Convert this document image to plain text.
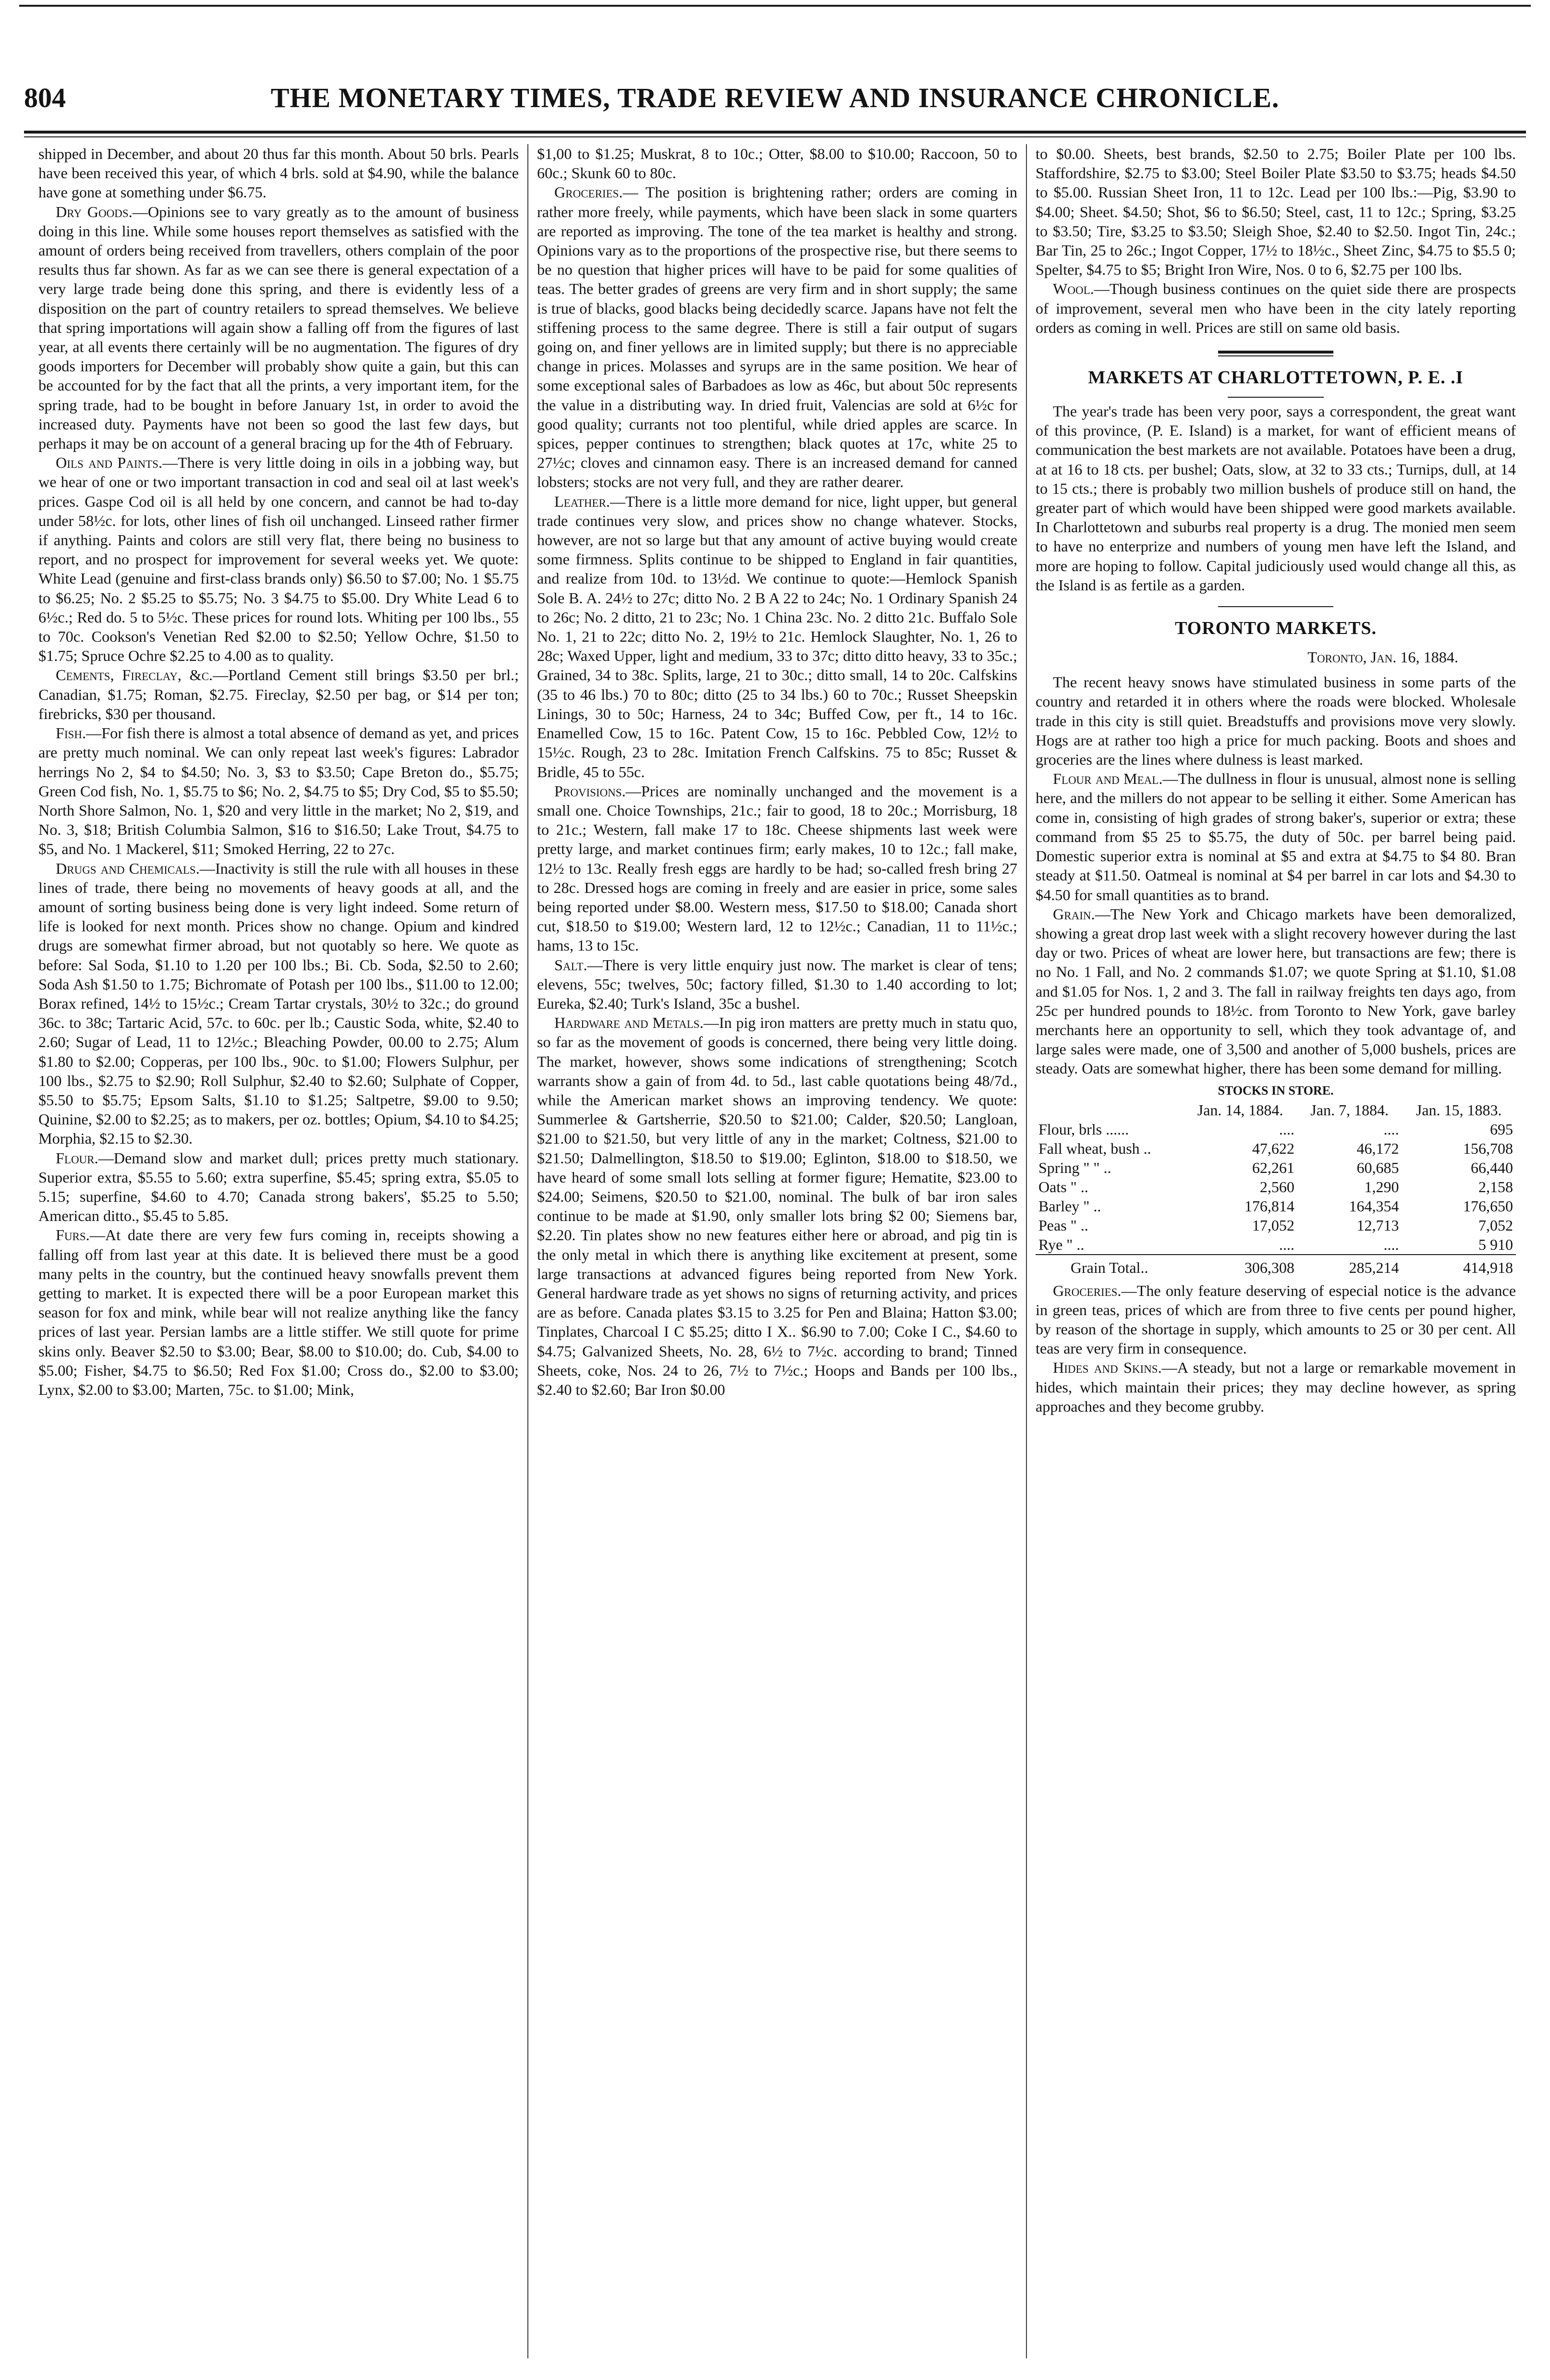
804	THE MONETARY TIMES, TRADE REVIEW AND INSURANCE CHRONICLE.

shipped in December, and about 20 thus far this month. About 50 brls. Pearls have been received this year, of which 4 brls. sold at $4.90, while the balance have gone at something under $6.75.

Dry Goods.—Opinions see to vary greatly as to the amount of business doing in this line. While some houses report themselves as satisfied with the amount of orders being received from travellers, others complain of the poor results thus far shown. As far as we can see there is general expectation of a very large trade being done this spring, and there is evidently less of a disposition on the part of country retailers to spread themselves. We believe that spring importations will again show a falling off from the figures of last year, at all events there certainly will be no augmentation. The figures of dry goods importers for December will probably show quite a gain, but this can be accounted for by the fact that all the prints, a very important item, for the spring trade, had to be bought in before January 1st, in order to avoid the increased duty. Payments have not been so good the last few days, but perhaps it may be on account of a general bracing up for the 4th of February.

Oils and Paints.—There is very little doing in oils in a jobbing way, but we hear of one or two important transaction in cod and seal oil at last week's prices. Gaspe Cod oil is all held by one concern, and cannot be had to-day under 58½c. for lots, other lines of fish oil unchanged. Linseed rather firmer if anything. Paints and colors are still very flat, there being no business to report, and no prospect for improvement for several weeks yet. We quote: White Lead (genuine and first-class brands only) $6.50 to $7.00; No. 1 $5.75 to $6.25; No. 2 $5.25 to $5.75; No. 3 $4.75 to $5.00. Dry White Lead 6 to 6½c.; Red do. 5 to 5½c. These prices for round lots. Whiting per 100 lbs., 55 to 70c. Cookson's Venetian Red $2.00 to $2.50; Yellow Ochre, $1.50 to $1.75; Spruce Ochre $2.25 to 4.00 as to quality.

Cements, Fireclay, &c.—Portland Cement still brings $3.50 per brl.; Canadian, $1.75; Roman, $2.75. Fireclay, $2.50 per bag, or $14 per ton; firebricks, $30 per thousand.

Fish.—For fish there is almost a total absence of demand as yet, and prices are pretty much nominal. We can only repeat last week's figures: Labrador herrings No 2, $4 to $4.50; No. 3, $3 to $3.50; Cape Breton do., $5.75; Green Cod fish, No. 1, $5.75 to $6; No. 2, $4.75 to $5; Dry Cod, $5 to $5.50; North Shore Salmon, No. 1, $20 and very little in the market; No 2, $19, and No. 3, $18; British Columbia Salmon, $16 to $16.50; Lake Trout, $4.75 to $5, and No. 1 Mackerel, $11; Smoked Herring, 22 to 27c.

Drugs and Chemicals.—Inactivity is still the rule with all houses in these lines of trade, there being no movements of heavy goods at all, and the amount of sorting business being done is very light indeed. Some return of life is looked for next month. Prices show no change. Opium and kindred drugs are somewhat firmer abroad, but not quotably so here. We quote as before: Sal Soda, $1.10 to 1.20 per 100 lbs.; Bi. Cb. Soda, $2.50 to 2.60; Soda Ash $1.50 to 1.75; Bichromate of Potash per 100 lbs., $11.00 to 12.00; Borax refined, 14½ to 15½c.; Cream Tartar crystals, 30½ to 32c.; do ground 36c. to 38c; Tartaric Acid, 57c. to 60c. per lb.; Caustic Soda, white, $2.40 to 2.60; Sugar of Lead, 11 to 12½c.; Bleaching Powder, 00.00 to 2.75; Alum $1.80 to $2.00; Copperas, per 100 lbs., 90c. to $1.00; Flowers Sulphur, per 100 lbs., $2.75 to $2.90; Roll Sulphur, $2.40 to $2.60; Sulphate of Copper, $5.50 to $5.75; Epsom Salts, $1.10 to $1.25; Saltpetre, $9.00 to 9.50; Quinine, $2.00 to $2.25; as to makers, per oz. bottles; Opium, $4.10 to $4.25; Morphia, $2.15 to $2.30.

Flour.—Demand slow and market dull; prices pretty much stationary. Superior extra, $5.55 to 5.60; extra superfine, $5.45; spring extra, $5.05 to 5.15; superfine, $4.60 to 4.70; Canada strong bakers', $5.25 to 5.50; American ditto., $5.45 to 5.85.

Furs.—At date there are very few furs coming in, receipts showing a falling off from last year at this date. It is believed there must be a good many pelts in the country, but the continued heavy snowfalls prevent them getting to market. It is expected there will be a poor European market this season for fox and mink, while bear will not realize anything like the fancy prices of last year. Persian lambs are a little stiffer. We still quote for prime skins only. Beaver $2.50 to $3.00; Bear, $8.00 to $10.00; do. Cub, $4.00 to $5.00; Fisher, $4.75 to $6.50; Red Fox $1.00; Cross do., $2.00 to $3.00; Lynx, $2.00 to $3.00; Marten, 75c. to $1.00; Mink,

$1,00 to $1.25; Muskrat, 8 to 10c.; Otter, $8.00 to $10.00; Raccoon, 50 to 60c.; Skunk 60 to 80c.

Groceries.— The position is brightening rather; orders are coming in rather more freely, while payments, which have been slack in some quarters are reported as improving. The tone of the tea market is healthy and strong. Opinions vary as to the proportions of the prospective rise, but there seems to be no question that higher prices will have to be paid for some qualities of teas. The better grades of greens are very firm and in short supply; the same is true of blacks, good blacks being decidedly scarce. Japans have not felt the stiffening process to the same degree. There is still a fair output of sugars going on, and finer yellows are in limited supply; but there is no appreciable change in prices. Molasses and syrups are in the same position. We hear of some exceptional sales of Barbadoes as low as 46c, but about 50c represents the value in a distributing way. In dried fruit, Valencias are sold at 6½c for good quality; currants not too plentiful, while dried apples are scarce. In spices, pepper continues to strengthen; black quotes at 17c, white 25 to 27½c; cloves and cinnamon easy. There is an increased demand for canned lobsters; stocks are not very full, and they are rather dearer.

Leather.—There is a little more demand for nice, light upper, but general trade continues very slow, and prices show no change whatever. Stocks, however, are not so large but that any amount of active buying would create some firmness. Splits continue to be shipped to England in fair quantities, and realize from 10d. to 13½d. We continue to quote:—Hemlock Spanish Sole B. A. 24½ to 27c; ditto No. 2 B A 22 to 24c; No. 1 Ordinary Spanish 24 to 26c; No. 2 ditto, 21 to 23c; No. 1 China 23c. No. 2 ditto 21c. Buffalo Sole No. 1, 21 to 22c; ditto No. 2, 19½ to 21c. Hemlock Slaughter, No. 1, 26 to 28c; Waxed Upper, light and medium, 33 to 37c; ditto ditto heavy, 33 to 35c.; Grained, 34 to 38c. Splits, large, 21 to 30c.; ditto small, 14 to 20c. Calfskins (35 to 46 lbs.) 70 to 80c; ditto (25 to 34 lbs.) 60 to 70c.; Russet Sheepskin Linings, 30 to 50c; Harness, 24 to 34c; Buffed Cow, per ft., 14 to 16c. Enamelled Cow, 15 to 16c. Patent Cow, 15 to 16c. Pebbled Cow, 12½ to 15½c. Rough, 23 to 28c. Imitation French Calfskins. 75 to 85c; Russet & Bridle, 45 to 55c.

Provisions.—Prices are nominally unchanged and the movement is a small one. Choice Townships, 21c.; fair to good, 18 to 20c.; Morrisburg, 18 to 21c.; Western, fall make 17 to 18c. Cheese shipments last week were pretty large, and market continues firm; early makes, 10 to 12c.; fall make, 12½ to 13c. Really fresh eggs are hardly to be had; so-called fresh bring 27 to 28c. Dressed hogs are coming in freely and are easier in price, some sales being reported under $8.00. Western mess, $17.50 to $18.00; Canada short cut, $18.50 to $19.00; Western lard, 12 to 12½c.; Canadian, 11 to 11½c.; hams, 13 to 15c.

Salt.—There is very little enquiry just now. The market is clear of tens; elevens, 55c; twelves, 50c; factory filled, $1.30 to 1.40 according to lot; Eureka, $2.40; Turk's Island, 35c a bushel.

Hardware and Metals.—In pig iron matters are pretty much in statu quo, so far as the movement of goods is concerned, there being very little doing. The market, however, shows some indications of strengthening; Scotch warrants show a gain of from 4d. to 5d., last cable quotations being 48/7d., while the American market shows an improving tendency. We quote: Summerlee & Gartsherrie, $20.50 to $21.00; Calder, $20.50; Langloan, $21.00 to $21.50, but very little of any in the market; Coltness, $21.00 to $21.50; Dalmellington, $18.50 to $19.00; Eglinton, $18.00 to $18.50, we have heard of some small lots selling at former figure; Hematite, $23.00 to $24.00; Seimens, $20.50 to $21.00, nominal. The bulk of bar iron sales continue to be made at $1.90, only smaller lots bring $2 00; Siemens bar, $2.20. Tin plates show no new features either here or abroad, and pig tin is the only metal in which there is anything like excitement at present, some large transactions at advanced figures being reported from New York. General hardware trade as yet shows no signs of returning activity, and prices are as before. Canada plates $3.15 to 3.25 for Pen and Blaina; Hatton $3.00; Tinplates, Charcoal I C $5.25; ditto I X.. $6.90 to 7.00; Coke I C., $4.60 to $4.75; Galvanized Sheets, No. 28, 6½ to 7½c. according to brand; Tinned Sheets, coke, Nos. 24 to 26, 7½ to 7½c.; Hoops and Bands per 100 lbs., $2.40 to $2.60; Bar Iron $0.00

to $0.00. Sheets, best brands, $2.50 to 2.75; Boiler Plate per 100 lbs. Staffordshire, $2.75 to $3.00; Steel Boiler Plate $3.50 to $3.75; heads $4.50 to $5.00. Russian Sheet Iron, 11 to 12c. Lead per 100 lbs.:—Pig, $3.90 to $4.00; Sheet. $4.50; Shot, $6 to $6.50; Steel, cast, 11 to 12c.; Spring, $3.25 to $3.50; Tire, $3.25 to $3.50; Sleigh Shoe, $2.40 to $2.50. Ingot Tin, 24c.; Bar Tin, 25 to 26c.; Ingot Copper, 17½ to 18½c., Sheet Zinc, $4.75 to $5.5 0; Spelter, $4.75 to $5; Bright Iron Wire, Nos. 0 to 6, $2.75 per 100 lbs.

Wool.—Though business continues on the quiet side there are prospects of improvement, several men who have been in the city lately reporting orders as coming in well. Prices are still on same old basis.

MARKETS AT CHARLOTTETOWN, P. E. .I

The year's trade has been very poor, says a correspondent, the great want of this province, (P. E. Island) is a market, for want of efficient means of communication the best markets are not available. Potatoes have been a drug, at at 16 to 18 cts. per bushel; Oats, slow, at 32 to 33 cts.; Turnips, dull, at 14 to 15 cts.; there is probably two million bushels of produce still on hand, the greater part of which would have been shipped were good markets available. In Charlottetown and suburbs real property is a drug. The monied men seem to have no enterprize and numbers of young men have left the Island, and more are hoping to follow. Capital judiciously used would change all this, as the Island is as fertile as a garden.

TORONTO MARKETS.
Toronto, Jan. 16, 1884.

The recent heavy snows have stimulated business in some parts of the country and retarded it in others where the roads were blocked. Wholesale trade in this city is still quiet. Breadstuffs and provisions move very slowly. Hogs are at rather too high a price for much packing. Boots and shoes and groceries are the lines where dulness is least marked.

Flour and Meal.—The dullness in flour is unusual, almost none is selling here, and the millers do not appear to be selling it either. Some American has come in, consisting of high grades of strong baker's, superior or extra; these command from $5 25 to $5.75, the duty of 50c. per barrel being paid. Domestic superior extra is nominal at $5 and extra at $4.75 to $4 80. Bran steady at $11.50. Oatmeal is nominal at $4 per barrel in car lots and $4.30 to $4.50 for small quantities as to brand.

Grain.—The New York and Chicago markets have been demoralized, showing a great drop last week with a slight recovery however during the last day or two. Prices of wheat are lower here, but transactions are few; there is no No. 1 Fall, and No. 2 commands $1.07; we quote Spring at $1.10, $1.08 and $1.05 for Nos. 1, 2 and 3. The fall in railway freights ten days ago, from 25c per hundred pounds to 18½c. from Toronto to New York, gave barley merchants here an opportunity to sell, which they took advantage of, and large sales were made, one of 3,500 and another of 5,000 bushels, prices are steady. Oats are somewhat higher, there has been some demand for milling.

STOCKS IN STORE.			
	Jan. 14, 1884.	Jan. 7, 1884.	Jan. 15, 1883.
Flour, brls ......	....	....	695
Fall wheat, bush ..	47,622	46,172	156,708
Spring " " ..	62,261	60,685	66,440
Oats " ..	2,560	1,290	2,158
Barley " ..	176,814	164,354	176,650
Peas " ..	17,052	12,713	7,052
Rye " ..	....	....	5 910
Grain Total..	306,308	285,214	414,918

Groceries.—The only feature deserving of especial notice is the advance in green teas, prices of which are from three to five cents per pound higher, by reason of the shortage in supply, which amounts to 25 or 30 per cent. All teas are very firm in consequence.

Hides and Skins.—A steady, but not a large or remarkable movement in hides, which maintain their prices; they may decline however, as spring approaches and they become grubby.
